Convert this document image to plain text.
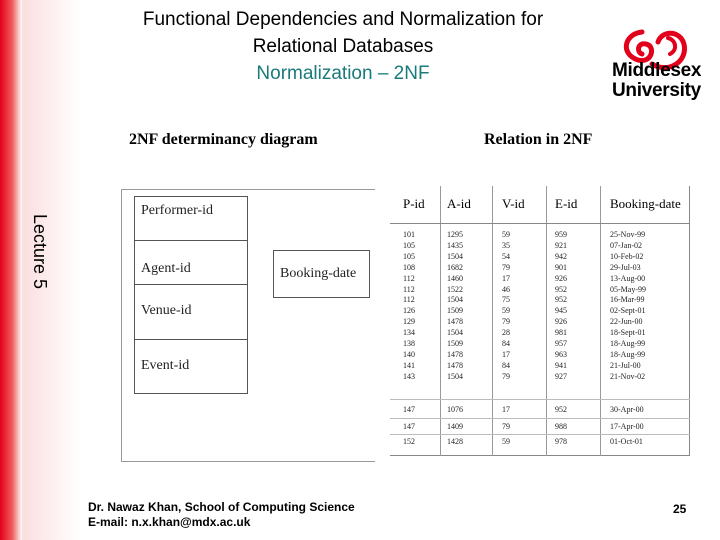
Lecture 5
Functional Dependencies and Normalization for
Relational Databases
Normalization – 2NF	Middlesex
University
2NF determinancy diagram	Relation in 2NF
Performer-id
Agent-id
Venue-id
Event-id
Booking-date
P-id A-id V-id E-id	Booking-date
101	1295	59	959	25-Nov-99
105	1435	35	921	07-Jan-02
105	1504	54	942	10-Feb-02
108	1682	79	901	29-Jul-03
112	1460	17	926	13-Aug-00
112	1522	46	952	05-May-99
112	1504	75	952	16-Mar-99
126	1509	59	945	02-Sept-01
129	1478	79	926	22-Jun-00
134	1504	28	981	18-Sept-01
138	1509	84	957	18-Aug-99
140	1478	17	963	18-Aug-99
141	1478	84	941	21-Jul-00
143	1504	79	927	21-Nov-02
147	1076	17	952	30-Apr-00
147	1409	79	988	17-Apr-00
152	1428	59	978	01-Oct-01
Dr. Nawaz Khan, School of Computing Science
E-mail: n.x.khan@mdx.ac.uk
25
